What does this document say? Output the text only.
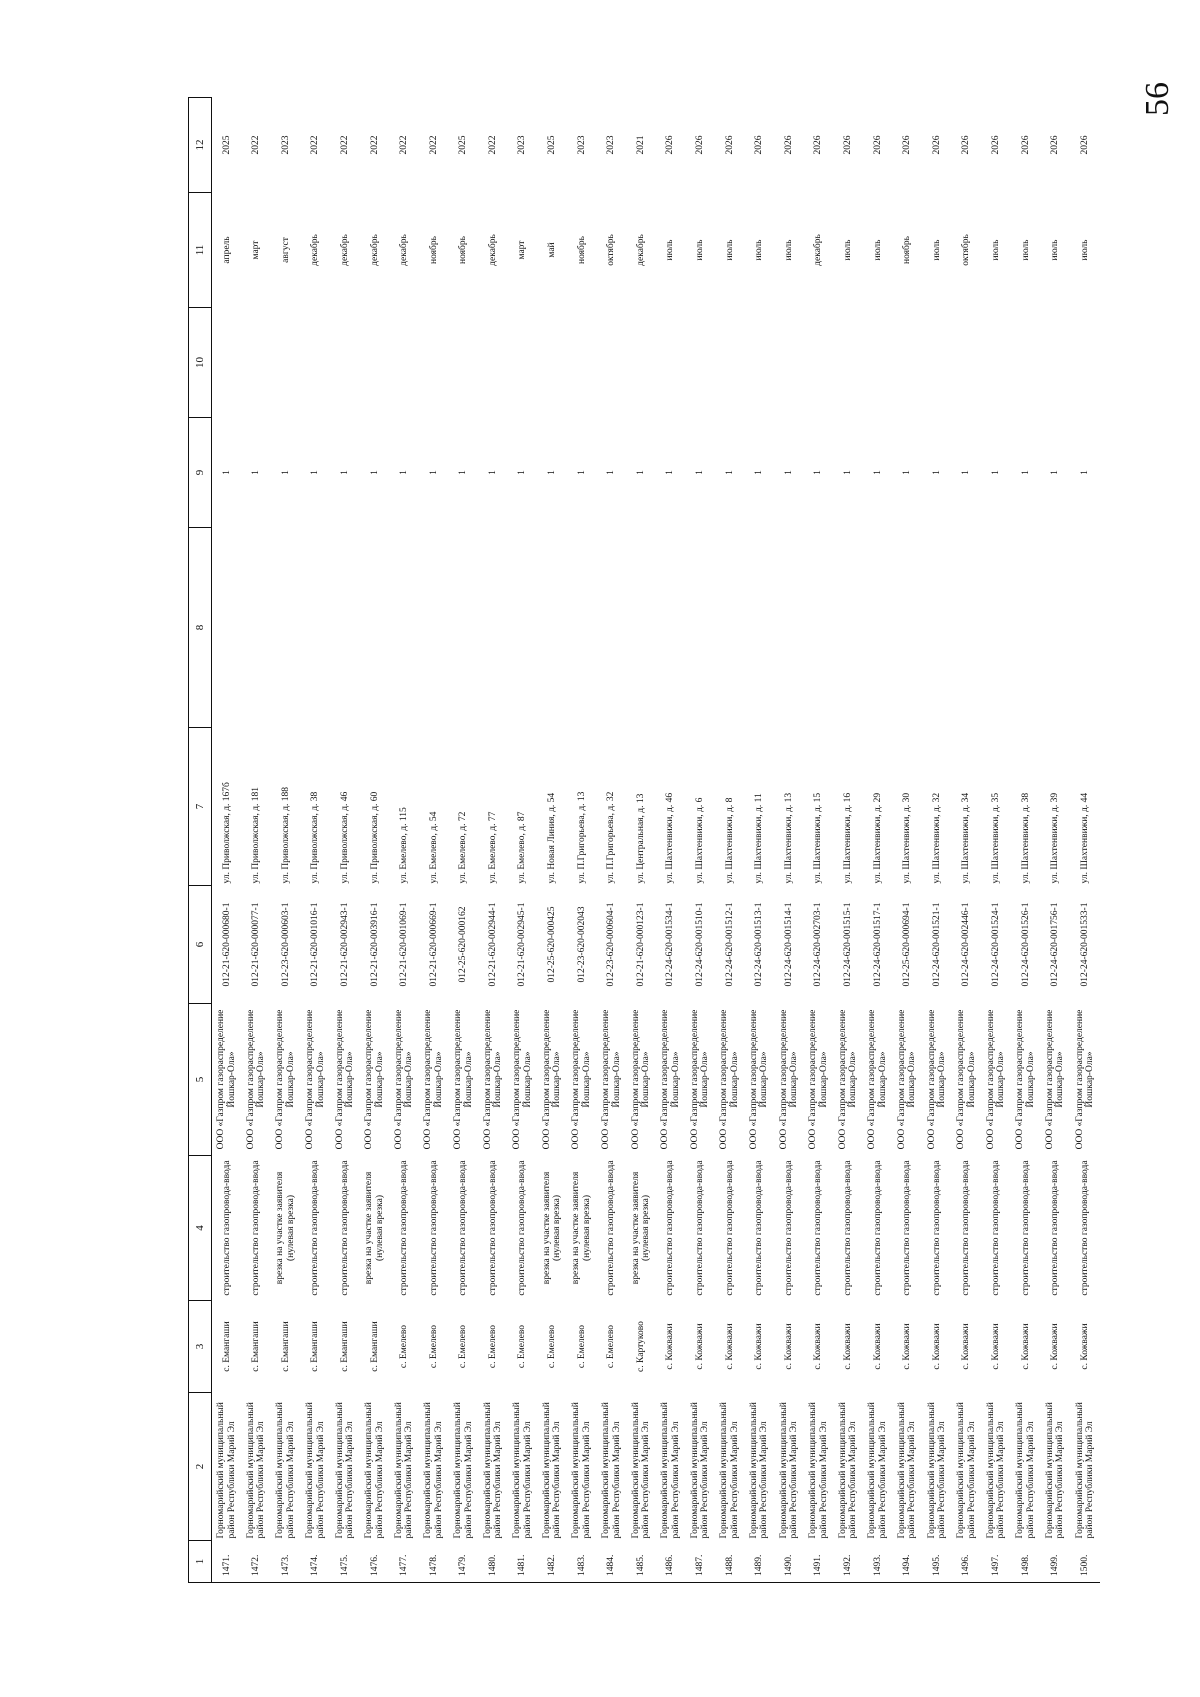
56
1	2	3	4	5	6	7	8	9	10	11	12
1471.	Горномарийский муниципальный район Республики Марий Эл	с. Емангаши	строительство газопровода-ввода	ООО «Газпром газораспределение Йошкар-Ола»	012-21-620-000680-1	ул. Приволжская, д. 167б		1		апрель	2025
1472.	Горномарийский муниципальный район Республики Марий Эл	с. Емангаши	строительство газопровода-ввода	ООО «Газпром газораспределение Йошкар-Ола»	012-21-620-000077-1	ул. Приволжская, д. 181		1		март	2022
1473.	Горномарийский муниципальный район Республики Марий Эл	с. Емангаши	врезка на участке заявителя (нулевая врезка)	ООО «Газпром газораспределение Йошкар-Ола»	012-23-620-000603-1	ул. Приволжская, д. 188		1		август	2023
1474.	Горномарийский муниципальный район Республики Марий Эл	с. Емангаши	строительство газопровода-ввода	ООО «Газпром газораспределение Йошкар-Ола»	012-21-620-001016-1	ул. Приволжская, д. 38		1		декабрь	2022
1475.	Горномарийский муниципальный район Республики Марий Эл	с. Емангаши	строительство газопровода-ввода	ООО «Газпром газораспределение Йошкар-Ола»	012-21-620-002943-1	ул. Приволжская, д. 46		1		декабрь	2022
1476.	Горномарийский муниципальный район Республики Марий Эл	с. Емангаши	врезка на участке заявителя (нулевая врезка)	ООО «Газпром газораспределение Йошкар-Ола»	012-21-620-003916-1	ул. Приволжская, д. 60		1		декабрь	2022
1477.	Горномарийский муниципальный район Республики Марий Эл	с. Емелево	строительство газопровода-ввода	ООО «Газпром газораспределение Йошкар-Ола»	012-21-620-001069-1	ул. Емелево, д. 115		1		декабрь	2022
1478.	Горномарийский муниципальный район Республики Марий Эл	с. Емелево	строительство газопровода-ввода	ООО «Газпром газораспределение Йошкар-Ола»	012-21-620-000669-1	ул. Емелево, д. 54		1		ноябрь	2022
1479.	Горномарийский муниципальный район Республики Марий Эл	с. Емелево	строительство газопровода-ввода	ООО «Газпром газораспределение Йошкар-Ола»	012-25-620-000162	ул. Емелево, д. 72		1		ноябрь	2025
1480.	Горномарийский муниципальный район Республики Марий Эл	с. Емелево	строительство газопровода-ввода	ООО «Газпром газораспределение Йошкар-Ола»	012-21-620-002944-1	ул. Емелево, д. 77		1		декабрь	2022
1481.	Горномарийский муниципальный район Республики Марий Эл	с. Емелево	строительство газопровода-ввода	ООО «Газпром газораспределение Йошкар-Ола»	012-21-620-002945-1	ул. Емелево, д. 87		1		март	2023
1482.	Горномарийский муниципальный район Республики Марий Эл	с. Емелево	врезка на участке заявителя (нулевая врезка)	ООО «Газпром газораспределение Йошкар-Ола»	012-25-620-000425	ул. Новая Линия, д. 54		1		май	2025
1483.	Горномарийский муниципальный район Республики Марий Эл	с. Емелево	врезка на участке заявителя (нулевая врезка)	ООО «Газпром газораспределение Йошкар-Ола»	012-23-620-002043	ул. П.Григорьева, д. 13		1		ноябрь	2023
1484.	Горномарийский муниципальный район Республики Марий Эл	с. Емелево	строительство газопровода-ввода	ООО «Газпром газораспределение Йошкар-Ола»	012-23-620-000604-1	ул. П.Григорьева, д. 32		1		октябрь	2023
1485.	Горномарийский муниципальный район Республики Марий Эл	с. Картуково	врезка на участке заявителя (нулевая врезка)	ООО «Газпром газораспределение Йошкар-Ола»	012-21-620-000123-1	ул. Центральная, д. 13		1		декабрь	2021
1486.	Горномарийский муниципальный район Республики Марий Эл	с. Кожважи	строительство газопровода-ввода	ООО «Газпром газораспределение Йошкар-Ола»	012-24-620-001534-1	ул. Шахтенвижи, д. 46		1		июль	2026
1487.	Горномарийский муниципальный район Республики Марий Эл	с. Кожважи	строительство газопровода-ввода	ООО «Газпром газораспределение Йошкар-Ола»	012-24-620-001510-1	ул. Шахтенвижи, д. 6		1		июль	2026
1488.	Горномарийский муниципальный район Республики Марий Эл	с. Кожважи	строительство газопровода-ввода	ООО «Газпром газораспределение Йошкар-Ола»	012-24-620-001512-1	ул. Шахтенвижи, д. 8		1		июль	2026
1489.	Горномарийский муниципальный район Республики Марий Эл	с. Кожважи	строительство газопровода-ввода	ООО «Газпром газораспределение Йошкар-Ола»	012-24-620-001513-1	ул. Шахтенвижи, д. 11		1		июль	2026
1490.	Горномарийский муниципальный район Республики Марий Эл	с. Кожважи	строительство газопровода-ввода	ООО «Газпром газораспределение Йошкар-Ола»	012-24-620-001514-1	ул. Шахтенвижи, д. 13		1		июль	2026
1491.	Горномарийский муниципальный район Республики Марий Эл	с. Кожважи	строительство газопровода-ввода	ООО «Газпром газораспределение Йошкар-Ола»	012-24-620-002703-1	ул. Шахтенвижи, д. 15		1		декабрь	2026
1492.	Горномарийский муниципальный район Республики Марий Эл	с. Кожважи	строительство газопровода-ввода	ООО «Газпром газораспределение Йошкар-Ола»	012-24-620-001515-1	ул. Шахтенвижи, д. 16		1		июль	2026
1493.	Горномарийский муниципальный район Республики Марий Эл	с. Кожважи	строительство газопровода-ввода	ООО «Газпром газораспределение Йошкар-Ола»	012-24-620-001517-1	ул. Шахтенвижи, д. 29		1		июль	2026
1494.	Горномарийский муниципальный район Республики Марий Эл	с. Кожважи	строительство газопровода-ввода	ООО «Газпром газораспределение Йошкар-Ола»	012-25-620-000694-1	ул. Шахтенвижи, д. 30		1		ноябрь	2026
1495.	Горномарийский муниципальный район Республики Марий Эл	с. Кожважи	строительство газопровода-ввода	ООО «Газпром газораспределение Йошкар-Ола»	012-24-620-001521-1	ул. Шахтенвижи, д. 32		1		июль	2026
1496.	Горномарийский муниципальный район Республики Марий Эл	с. Кожважи	строительство газопровода-ввода	ООО «Газпром газораспределение Йошкар-Ола»	012-24-620-002446-1	ул. Шахтенвижи, д. 34		1		октябрь	2026
1497.	Горномарийский муниципальный район Республики Марий Эл	с. Кожважи	строительство газопровода-ввода	ООО «Газпром газораспределение Йошкар-Ола»	012-24-620-001524-1	ул. Шахтенвижи, д. 35		1		июль	2026
1498.	Горномарийский муниципальный район Республики Марий Эл	с. Кожважи	строительство газопровода-ввода	ООО «Газпром газораспределение Йошкар-Ола»	012-24-620-001526-1	ул. Шахтенвижи, д. 38		1		июль	2026
1499.	Горномарийский муниципальный район Республики Марий Эл	с. Кожважи	строительство газопровода-ввода	ООО «Газпром газораспределение Йошкар-Ола»	012-24-620-001756-1	ул. Шахтенвижи, д. 39		1		июль	2026
1500.	Горномарийский муниципальный район Республики Марий Эл	с. Кожважи	строительство газопровода-ввода	ООО «Газпром газораспределение Йошкар-Ола»	012-24-620-001533-1	ул. Шахтенвижи, д. 44		1		июль	2026
